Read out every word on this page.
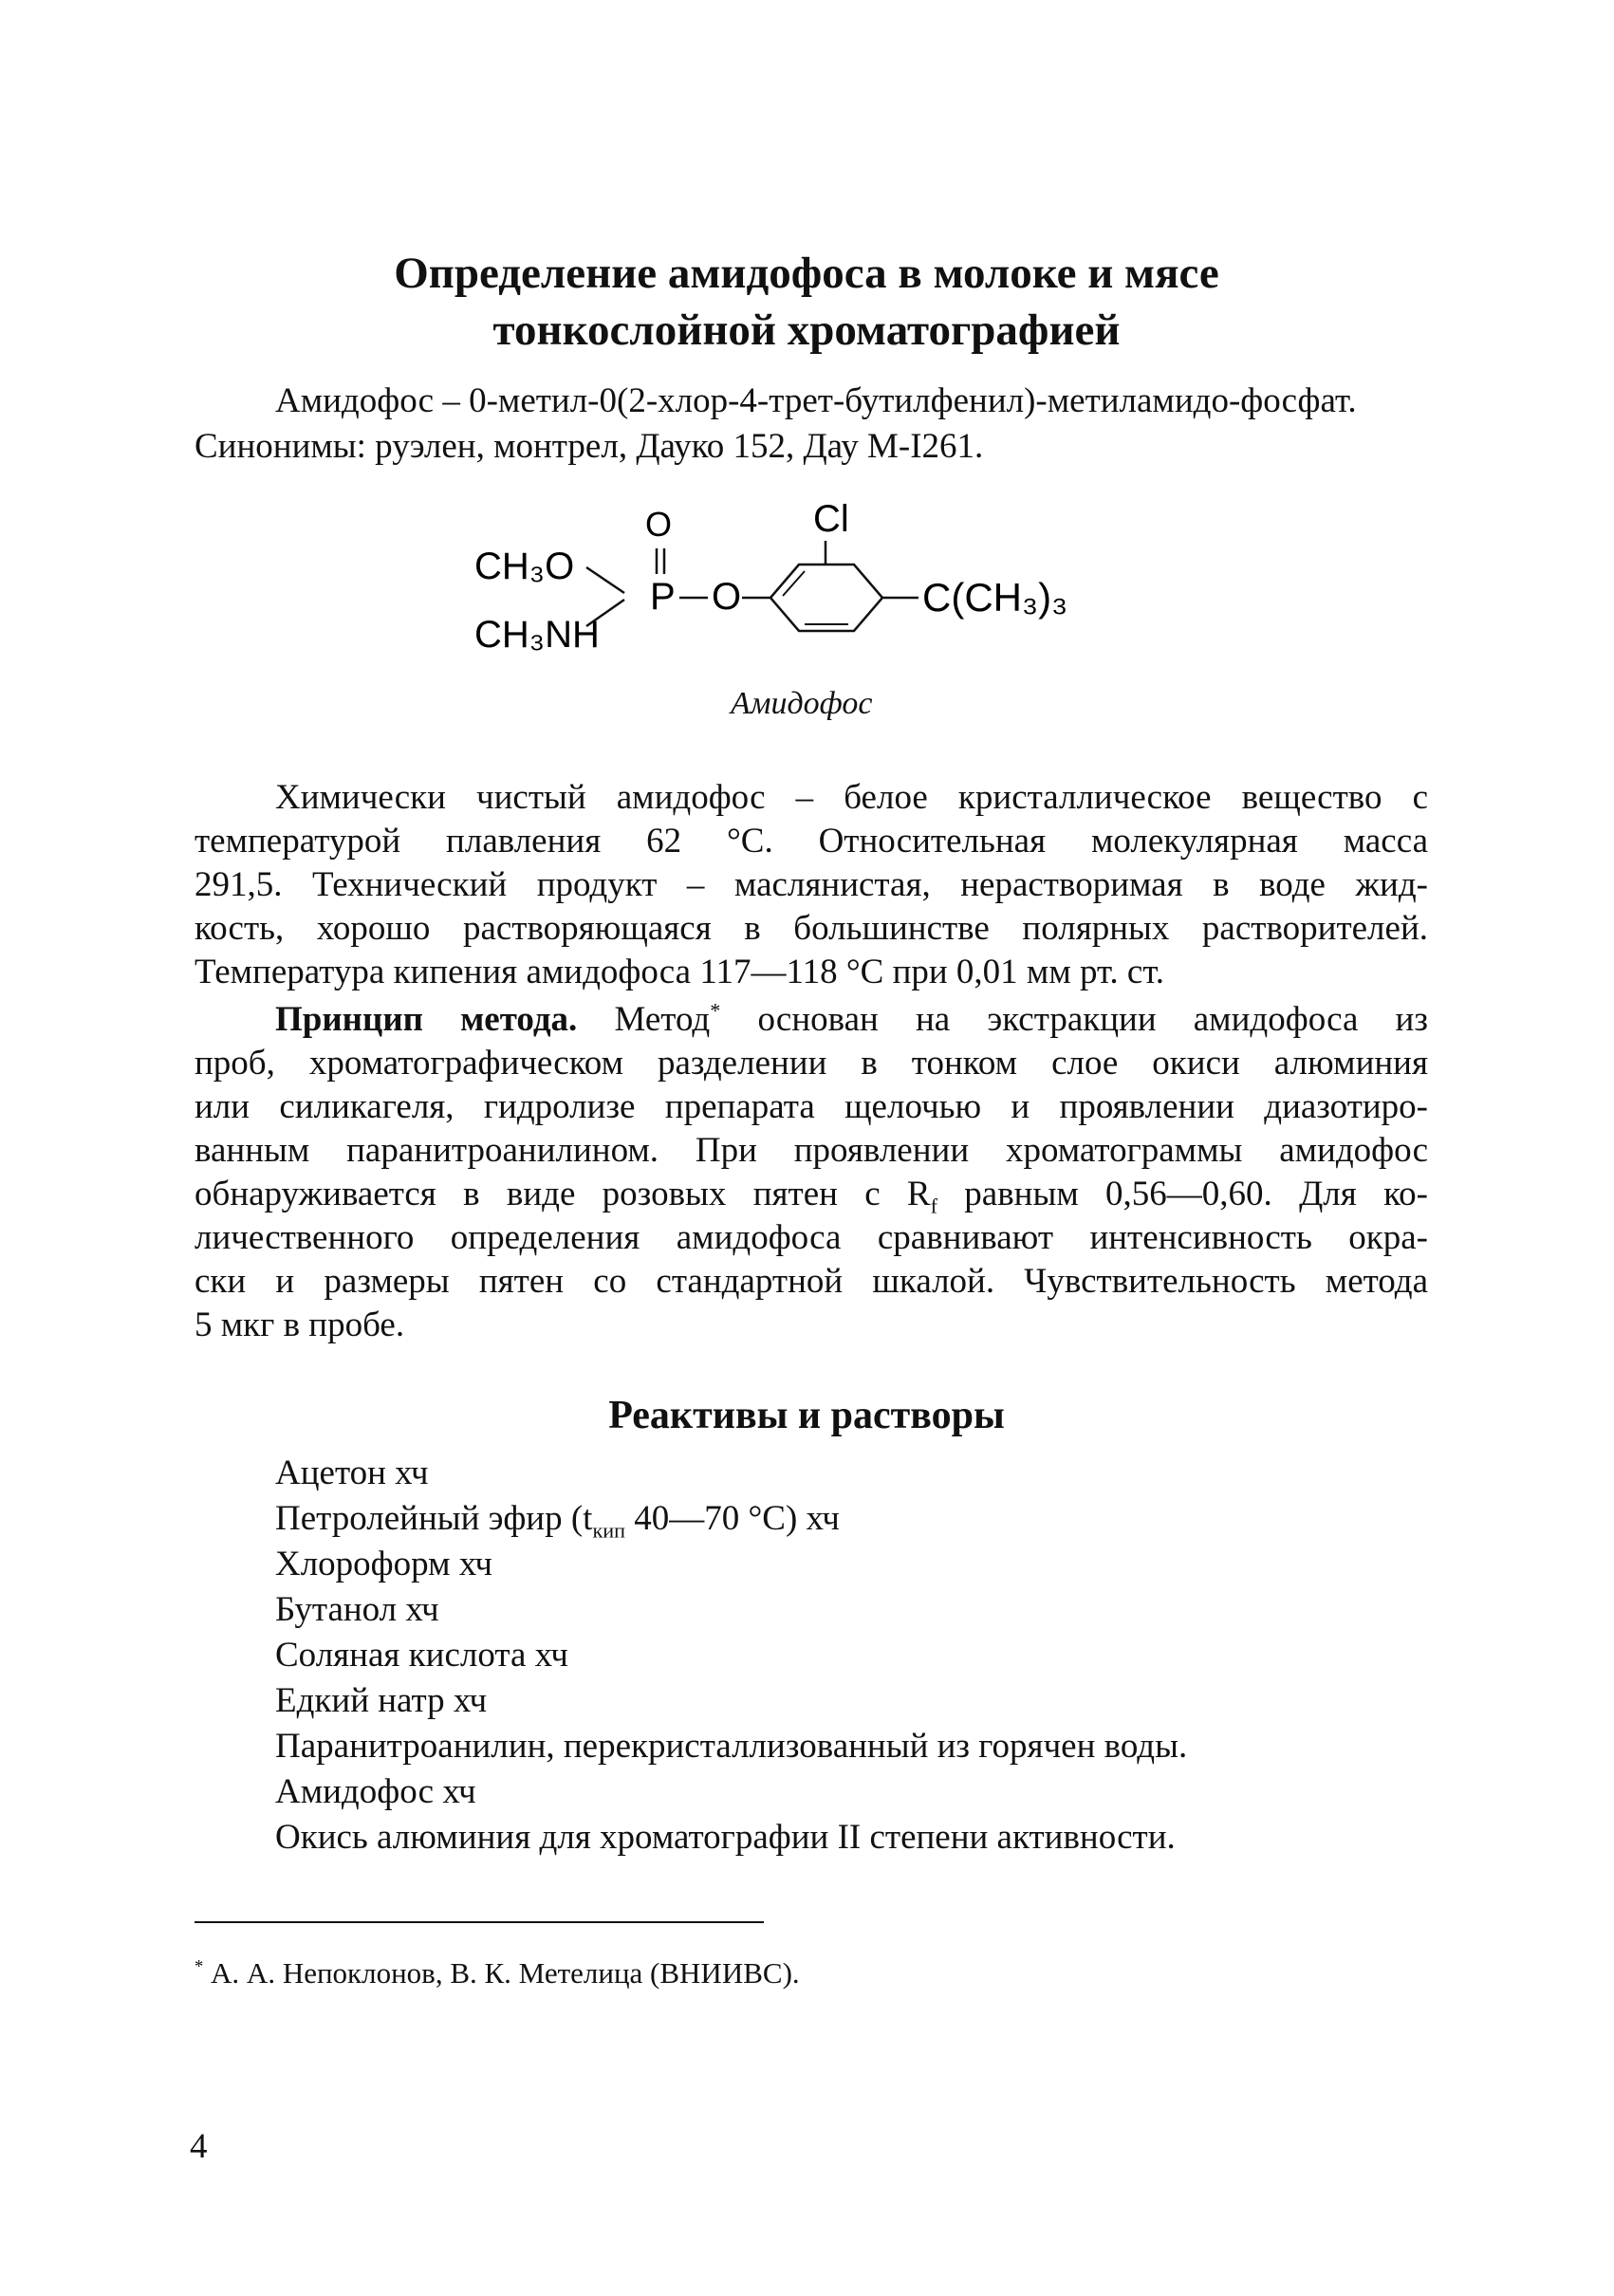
Определение амидофоса в молоке и мясе
тонкослойной хроматографией
Амидофос – 0-метил-0(2-хлор-4-трет-бутилфенил)-метиламидо-фосфат.
Синонимы: руэлен, монтрел, Дауко 152, Дау М-I261.
O	Cl
CH₃O
P O
CH₃NH
C(CH₃)₃
Амидофос
Химически чистый амидофос – белое кристаллическое вещество с
температурой плавления 62 °С. Относительная молекулярная масса
291,5. Технический продукт – маслянистая, нерастворимая в воде жид-
кость, хорошо растворяющаяся в большинстве полярных растворителей.
Температура кипения амидофоса 117—118 °С при 0,01 мм рт. ст.
Принцип метода. Метод* основан на экстракции амидофоса из
проб, хроматографическом разделении в тонком слое окиси алюминия
или силикагеля, гидролизе препарата щелочью и проявлении диазотиро-
ванным паранитроанилином. При проявлении хроматограммы амидофос
обнаруживается в виде розовых пятен с $R_f$ равным 0,56—0,60. Для ко-
личественного определения амидофоса сравнивают интенсивность окра-
ски и размеры пятен со стандартной шкалой. Чувствительность метода
5 мкг в пробе.
Реактивы и растворы
Ацетон хч
Петролейный эфир ($t_{кип}$ 40—70 °С) хч
Хлороформ хч
Бутанол хч
Соляная кислота хч
Едкий натр хч
Паранитроанилин, перекристаллизованный из горячен воды.
Амидофос хч
Окись алюминия для хроматографии II степени активности.
* А. А. Непоклонов, В. К. Метелица (ВНИИВС).
4
